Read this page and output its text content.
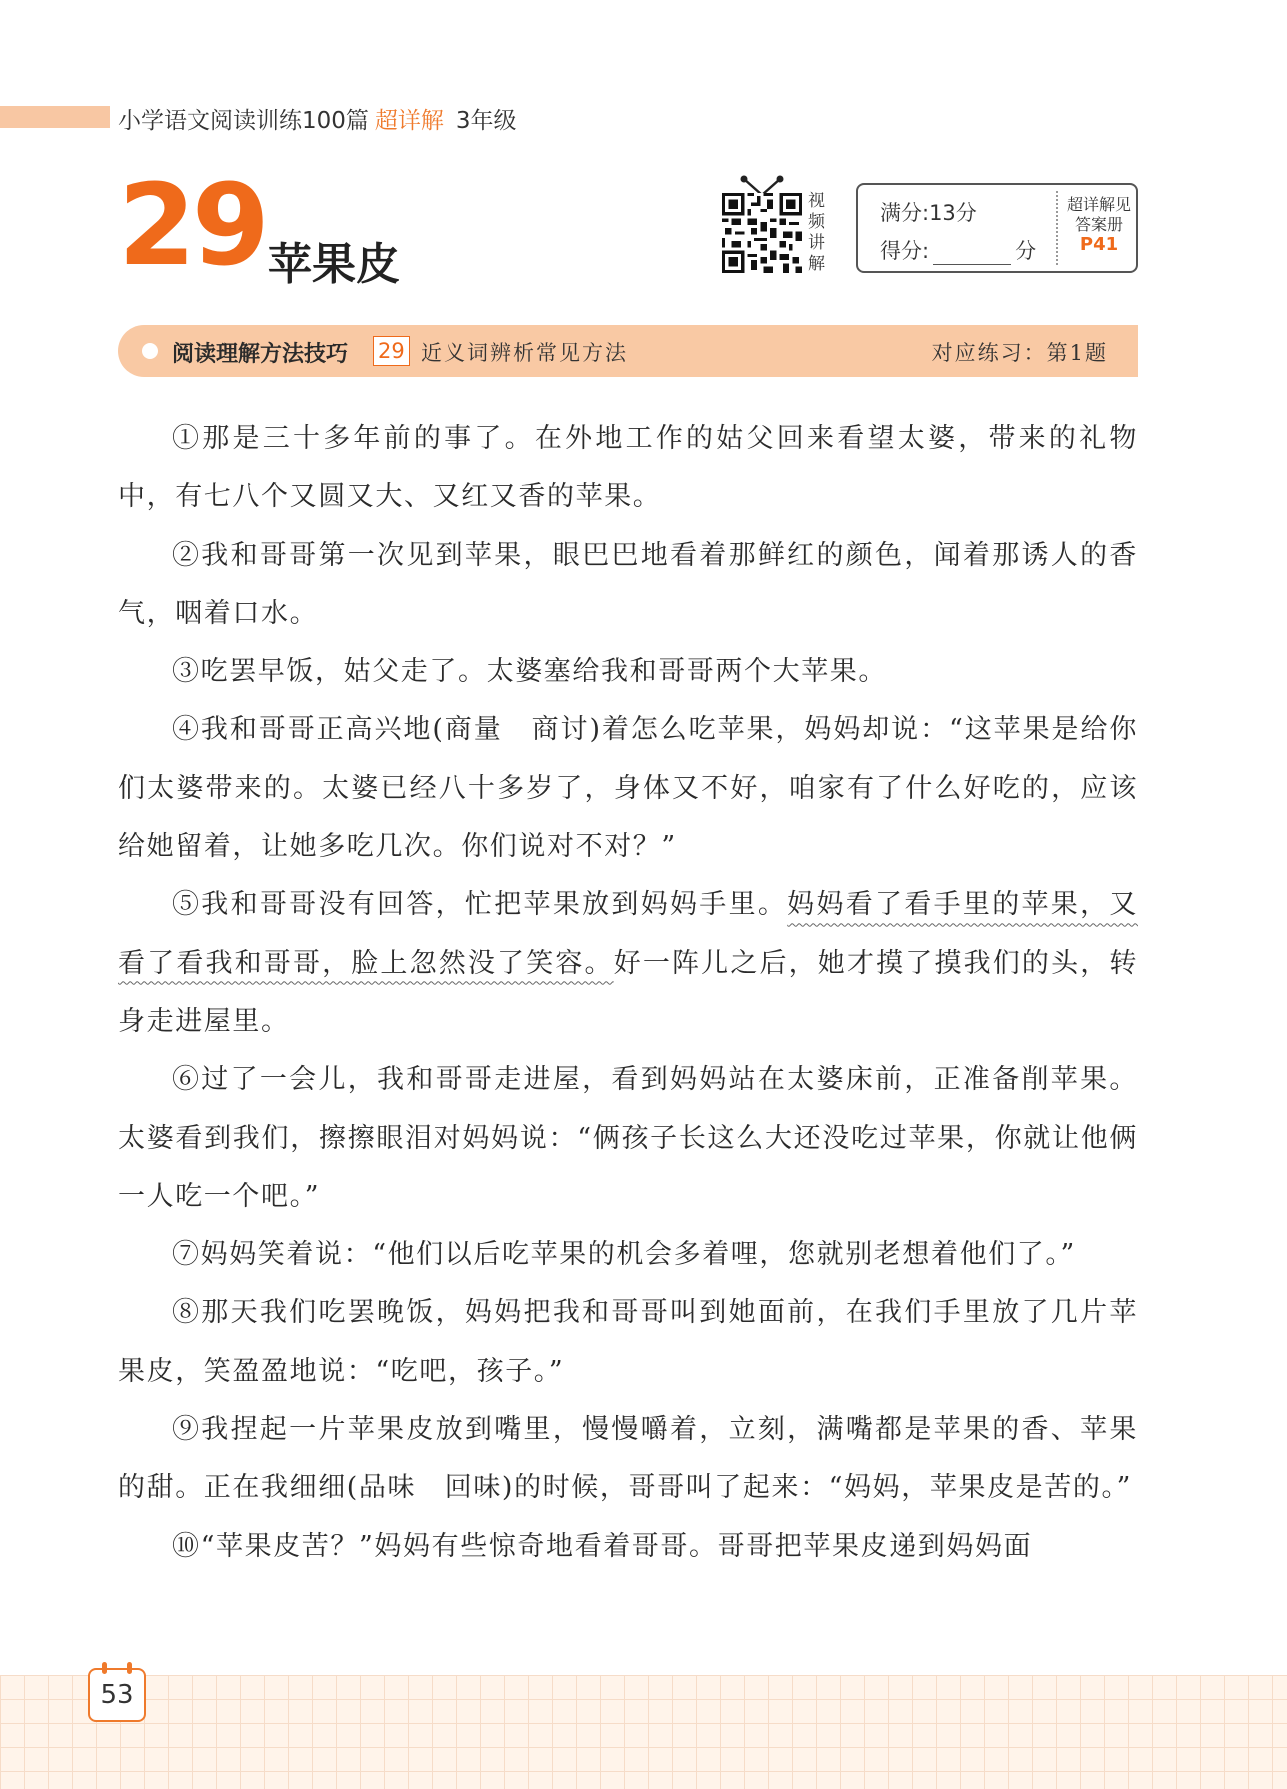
小学语文阅读训练100篇 超详解 3年级
29 苹果皮
视频讲解
满分:13分
得分:	分
超详解见
答案册
P41
阅读理解方法技巧 29 近义词辨析常见方法	对应练习：第1题

①那是三十多年前的事了。在外地工作的姑父回来看望太婆，带来的礼物中，有七八个又圆又大、又红又香的苹果。

②我和哥哥第一次见到苹果，眼巴巴地看着那鲜红的颜色，闻着那诱人的香气，咽着口水。

③吃罢早饭，姑父走了。太婆塞给我和哥哥两个大苹果。

④我和哥哥正高兴地(商量　商讨)着怎么吃苹果，妈妈却说：“这苹果是给你们太婆带来的。太婆已经八十多岁了，身体又不好，咱家有了什么好吃的，应该给她留着，让她多吃几次。你们说对不对？”

⑤我和哥哥没有回答，忙把苹果放到妈妈手里。妈妈看了看手里的苹果，又看了看我和哥哥，脸上忽然没了笑容。好一阵儿之后，她才摸了摸我们的头，转身走进屋里。

⑥过了一会儿，我和哥哥走进屋，看到妈妈站在太婆床前，正准备削苹果。太婆看到我们，擦擦眼泪对妈妈说：“俩孩子长这么大还没吃过苹果，你就让他俩一人吃一个吧。”

⑦妈妈笑着说：“他们以后吃苹果的机会多着哩，您就别老想着他们了。”

⑧那天我们吃罢晚饭，妈妈把我和哥哥叫到她面前，在我们手里放了几片苹果皮，笑盈盈地说：“吃吧，孩子。”

⑨我捏起一片苹果皮放到嘴里，慢慢嚼着，立刻，满嘴都是苹果的香、苹果的甜。正在我细细(品味　回味)的时候，哥哥叫了起来：“妈妈，苹果皮是苦的。”

⑩“苹果皮苦？”妈妈有些惊奇地看着哥哥。哥哥把苹果皮递到妈妈面

53
